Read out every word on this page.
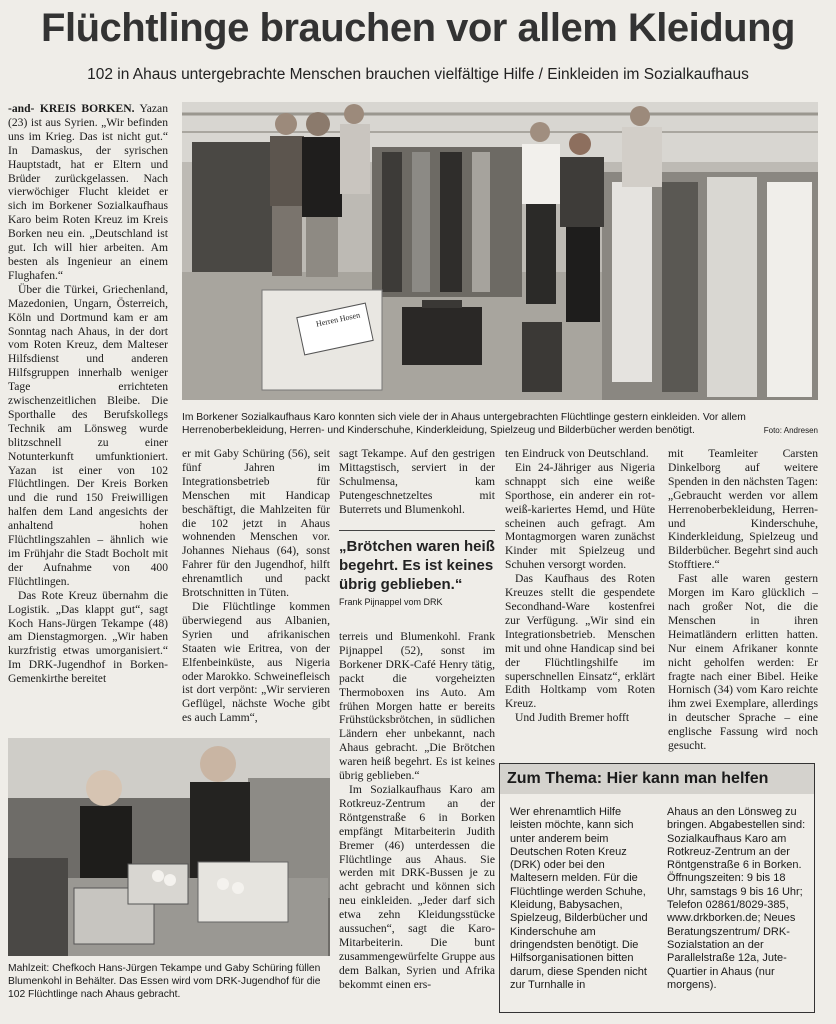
Flüchtlinge brauchen vor allem Kleidung
102 in Ahaus untergebrachte Menschen brauchen vielfältige Hilfe / Einkleiden im Sozialkaufhaus

-and- KREIS BORKEN. Yazan (23) ist aus Syrien. „Wir befinden uns im Krieg. Das ist nicht gut.“ In Damaskus, der syrischen Hauptstadt, hat er Eltern und Brüder zurückgelassen. Nach vierwöchiger Flucht kleidet er sich im Borkener Sozialkaufhaus Karo beim Roten Kreuz im Kreis Borken neu ein. „Deutschland ist gut. Ich will hier arbeiten. Am besten als Ingenieur an einem Flughafen.“

Über die Türkei, Griechenland, Mazedonien, Ungarn, Österreich, Köln und Dortmund kam er am Sonntag nach Ahaus, in der dort vom Roten Kreuz, dem Malteser Hilfsdienst und anderen Hilfsgruppen innerhalb weniger Tage errichteten zwischenzeitlichen Bleibe. Die Sporthalle des Berufskollegs Technik am Lönsweg wurde blitzschnell zu einer Notunterkunft umfunktioniert. Yazan ist einer von 102 Flüchtlingen. Der Kreis Borken und die rund 150 Freiwilligen halfen dem Land angesichts der anhaltend hohen Flüchtlingszahlen – ähnlich wie im Frühjahr die Stadt Bocholt mit der Aufnahme von 400 Flüchtlingen.

Das Rote Kreuz übernahm die Logistik. „Das klappt gut“, sagt Koch Hans-Jürgen Tekampe (48) am Dienstagmorgen. „Wir haben kurzfristig etwas umorganisiert.“ Im DRK-Jugendhof in Borken-Gemenkirthe bereitet

Herren Hosen
Im Borkener Sozialkaufhaus Karo konnten sich viele der in Ahaus untergebrachten Flüchtlinge gestern einkleiden. Vor allem Herrenoberbekleidung, Herren- und Kinderschuhe, Kinderkleidung, Spielzeug und Bilderbücher werden benötigt.	Foto: Andresen

er mit Gaby Schüring (56), seit fünf Jahren im Integrationsbetrieb für Menschen mit Handicap beschäftigt, die Mahlzeiten für die 102 jetzt in Ahaus wohnenden Menschen vor. Johannes Niehaus (64), sonst Fahrer für den Jugendhof, hilft ehrenamtlich und packt Brotschnitten in Tüten.

Die Flüchtlinge kommen überwiegend aus Albanien, Syrien und afrikanischen Staaten wie Eritrea, von der Elfenbeinküste, aus Nigeria oder Marokko. Schweinefleisch ist dort verpönt: „Wir servieren Geflügel, nächste Woche gibt es auch Lamm“,

sagt Tekampe. Auf den gestrigen Mittagstisch, serviert in der Schulmensa, kam Putengeschnetzeltes mit Buterrets und Blumenkohl.

„Brötchen waren heiß begehrt. Es ist keines übrig geblieben.“
Frank Pijnappel vom DRK

terreis und Blumenkohl. Frank Pijnappel (52), sonst im Borkener DRK-Café Henry tätig, packt die vorgeheizten Thermoboxen ins Auto. Am frühen Morgen hatte er bereits Frühstücksbrötchen, in südlichen Ländern eher unbekannt, nach Ahaus gebracht. „Die Brötchen waren heiß begehrt. Es ist keines übrig geblieben.“

Im Sozialkaufhaus Karo am Rotkreuz-Zentrum an der Röntgenstraße 6 in Borken empfängt Mitarbeiterin Judith Bremer (46) unterdessen die Flüchtlinge aus Ahaus. Sie werden mit DRK-Bussen je zu acht gebracht und können sich neu einkleiden. „Jeder darf sich etwa zehn Kleidungsstücke aussuchen“, sagt die Karo-Mitarbeiterin. Die bunt zusammengewürfelte Gruppe aus dem Balkan, Syrien und Afrika bekommt einen ers-

ten Eindruck von Deutschland.

Ein 24-Jähriger aus Nigeria schnappt sich eine weiße Sporthose, ein anderer ein rot-weiß-kariertes Hemd, und Hüte scheinen auch gefragt. Am Montagmorgen waren zunächst Kinder mit Spielzeug und Schuhen versorgt worden.

Das Kaufhaus des Roten Kreuzes stellt die gespendete Secondhand-Ware kostenfrei zur Verfügung. „Wir sind ein Integrationsbetrieb. Menschen mit und ohne Handicap sind bei der Flüchtlingshilfe im superschnellen Einsatz“, erklärt Edith Holtkamp vom Roten Kreuz.

Und Judith Bremer hofft

mit Teamleiter Carsten Dinkelborg auf weitere Spenden in den nächsten Tagen: „Gebraucht werden vor allem Herrenoberbekleidung, Herren- und Kinderschuhe, Kinderkleidung, Spielzeug und Bilderbücher. Begehrt sind auch Stofftiere.“

Fast alle waren gestern Morgen im Karo glücklich – nach großer Not, die die Menschen in ihren Heimatländern erlitten hatten. Nur einem Afrikaner konnte nicht geholfen werden: Er fragte nach einer Bibel. Heike Hornisch (34) vom Karo reichte ihm zwei Exemplare, allerdings in deutscher Sprache – eine englische Fassung wird noch gesucht.

Mahlzeit: Chefkoch Hans-Jürgen Tekampe und Gaby Schüring füllen Blumenkohl in Behälter. Das Essen wird vom DRK-Jugendhof für die 102 Flüchtlinge nach Ahaus gebracht.
Zum Thema: Hier kann man helfen
Wer ehrenamtlich Hilfe leisten möchte, kann sich unter anderem beim Deutschen Roten Kreuz (DRK) oder bei den Maltesern melden. Für die Flüchtlinge werden Schuhe, Kleidung, Babysachen, Spielzeug, Bilderbücher und Kinderschuhe am dringendsten benötigt. Die Hilfsorganisationen bitten darum, diese Spenden nicht zur Turnhalle in
Ahaus an den Lönsweg zu bringen. Abgabestellen sind: Sozialkaufhaus Karo am Rotkreuz-Zentrum an der Röntgenstraße 6 in Borken. Öffnungszeiten: 9 bis 18 Uhr, samstags 9 bis 16 Uhr; Telefon 02861/8029-385, www.drkborken.de; Neues Beratungszentrum/ DRK-Sozialstation an der Parallelstraße 12a, Jute-Quartier in Ahaus (nur morgens).
